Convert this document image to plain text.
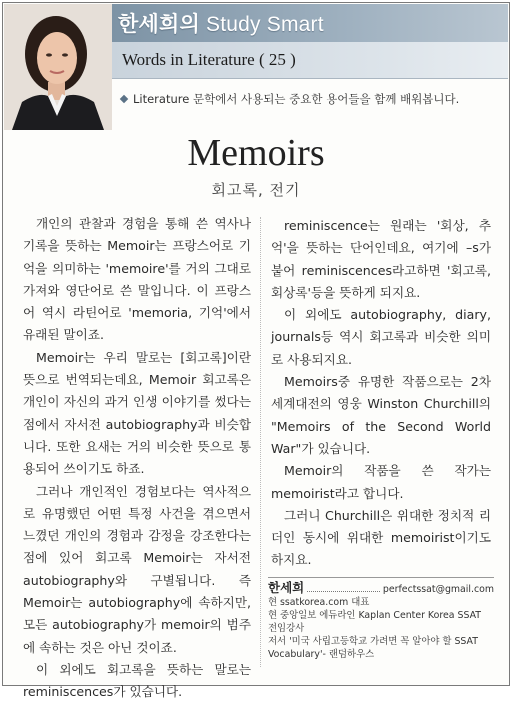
한세희의 Study Smart
Words in Literature ( 25 )
Literature 문학에서 사용되는 중요한 용어들을 함께 배워봅니다.
Memoirs
회고록, 전기

개인의 관찰과 경험을 통해 쓴 역사나 기록을 뜻하는 Memoir는 프랑스어로 기억을 의미하는 'memoire'를 거의 그대로 가져와 영단어로 쓴 말입니다. 이 프랑스어 역시 라틴어로 'memoria, 기억'에서 유래된 말이죠.

Memoir는 우리 말로는 [회고록]이란 뜻으로 번역되는데요, Memoir 회고록은 개인이 자신의 과거 인생 이야기를 썼다는 점에서 자서전 autobiography과 비슷합니다. 또한 요새는 거의 비슷한 뜻으로 통용되어 쓰이기도 하죠.

그러나 개인적인 경험보다는 역사적으로 유명했던 어떤 특정 사건을 겪으면서 느꼈던 개인의 경험과 감정을 강조한다는 점에 있어 회고록 Memoir는 자서전 autobiography와 구별됩니다. 즉 Memoir는 autobiography에 속하지만, 모든 autobiography가 memoir의 범주에 속하는 것은 아닌 것이죠.

이 외에도 회고록을 뜻하는 말로는 reminiscences가 있습니다.

reminiscence는 원래는 '회상, 추억'을 뜻하는 단어인데요, 여기에 –s가 붙어 reminiscences라고하면 '회고록, 회상록'등을 뜻하게 되지요.

이 외에도 autobiography, diary, journals등 역시 회고록과 비슷한 의미로 사용되지요.

Memoirs중 유명한 작품으로는 2차 세계대전의 영웅 Winston Churchill의 "Memoirs of the Second World War"가 있습니다.

Memoir의 작품을 쓴 작가는 memoirist라고 합니다.

그러니 Churchill은 위대한 정치적 리더인 동시에 위대한 memoirist이기도 하지요.

한세희	perfectssat@gmail.com
현 ssatkorea.com 대표
현 중앙일보 에듀라인 Kaplan Center Korea SSAT
전임강사
저서 '미국 사립고등학교 가려면 꼭 알아야 할 SSAT
Vocabulary'- 랜덤하우스
